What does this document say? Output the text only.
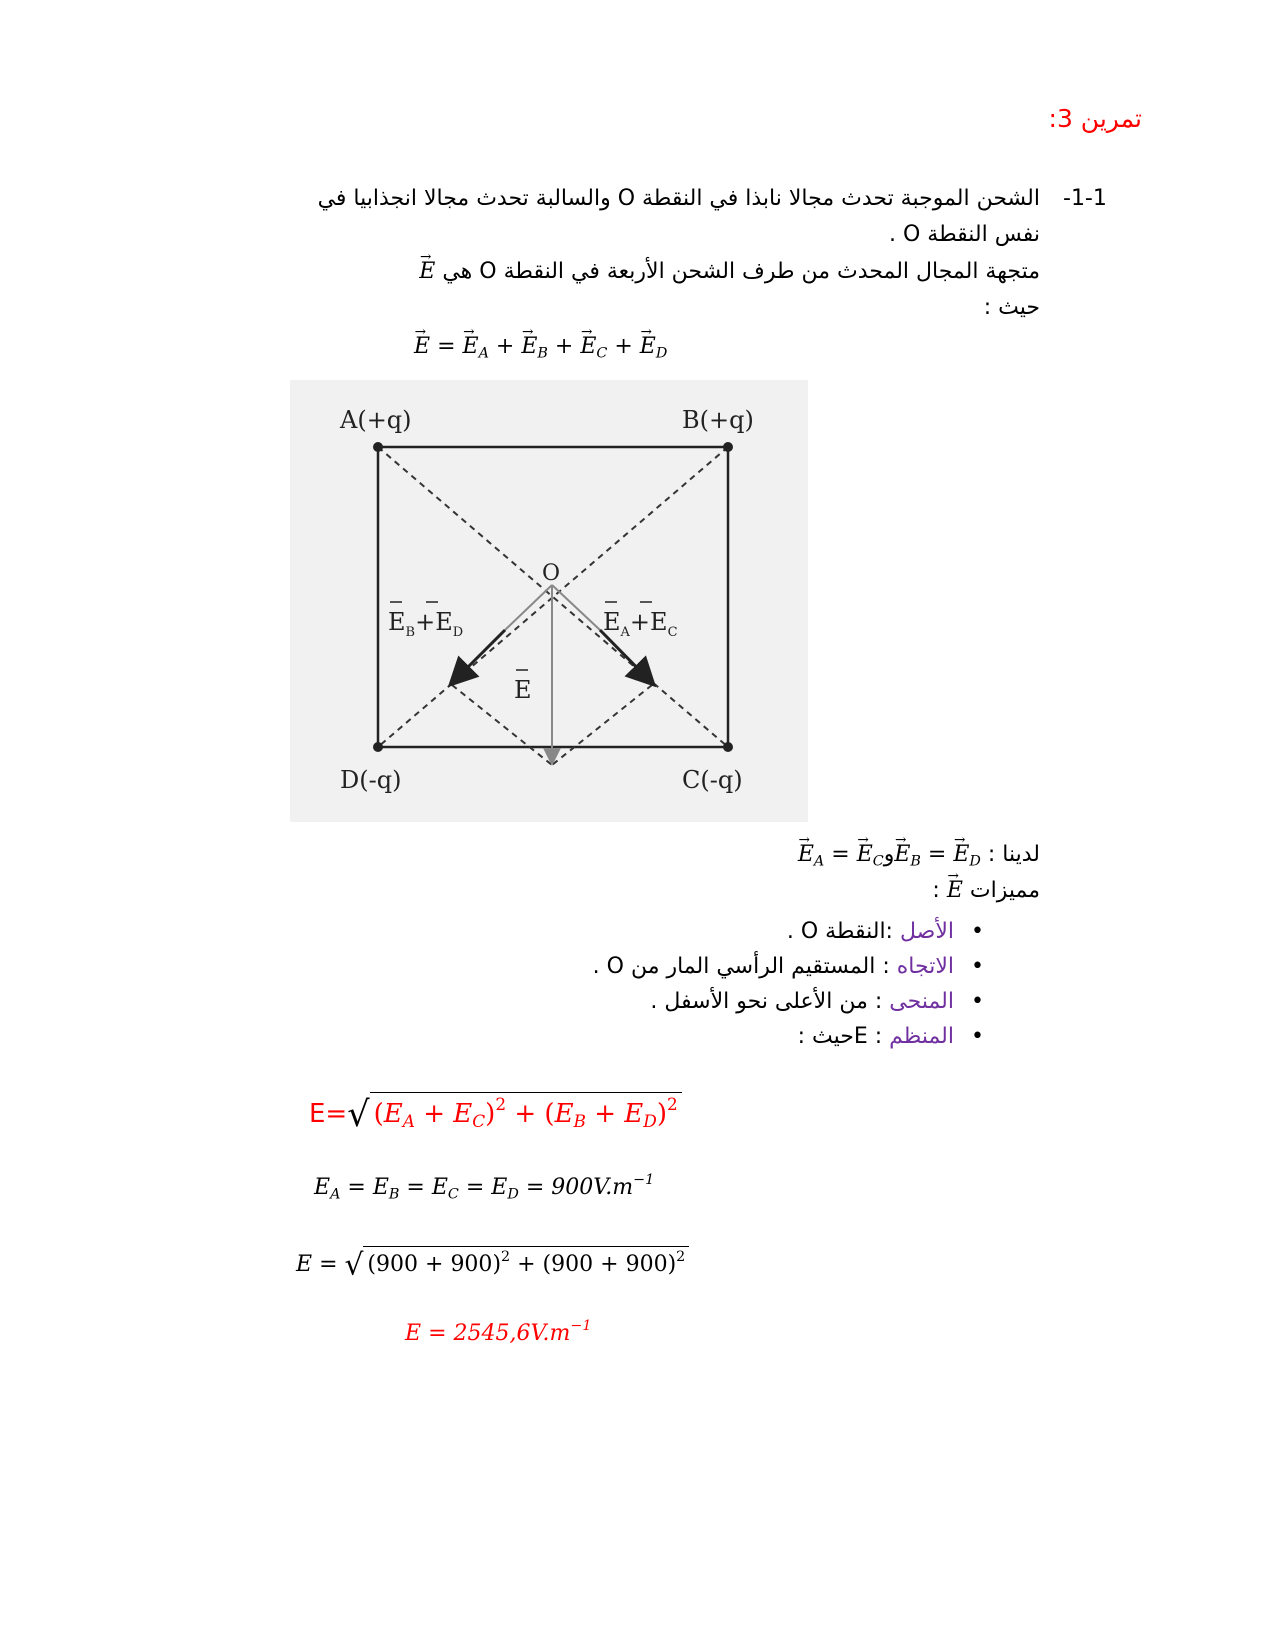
تمرين 3:
-1-1
الشحن الموجبة تحدث مجالا نابذا في النقطة O والسالبة تحدث مجالا انجذابيا في
نفس النقطة O .
→ E متجهة المجال المحدث من طرف الشحن الأربعة في النقطة O هي
حيث :
→ E = → $E_A$ + → $E_B$ + → $E_C$ + → $E_D$
A(+q)	B(+q)
C(-q)
D(-q)
O
$E_B+E_D$	$E_A+E_C$
E
→ $E_A$ = → $E_Cو\to E_B$ = → $E_D$ لدينا :
: → E مميزات
• الأصل :النقطة O .
• الاتجاه : المستقيم الرأسي المار من O .
• المنحى : من الأعلى نحو الأسفل .
• المنظم : Eحيث :
E=√ $(E_A + E_C)^2 + (E_B + E_D)^2$
$E_A = E_B = E_C = E_D = 900V.m^{-1}$
E = √ $(900 + 900)^2 + (900 + 900)^2$
$E = 2545,6V.m^{-1}$
